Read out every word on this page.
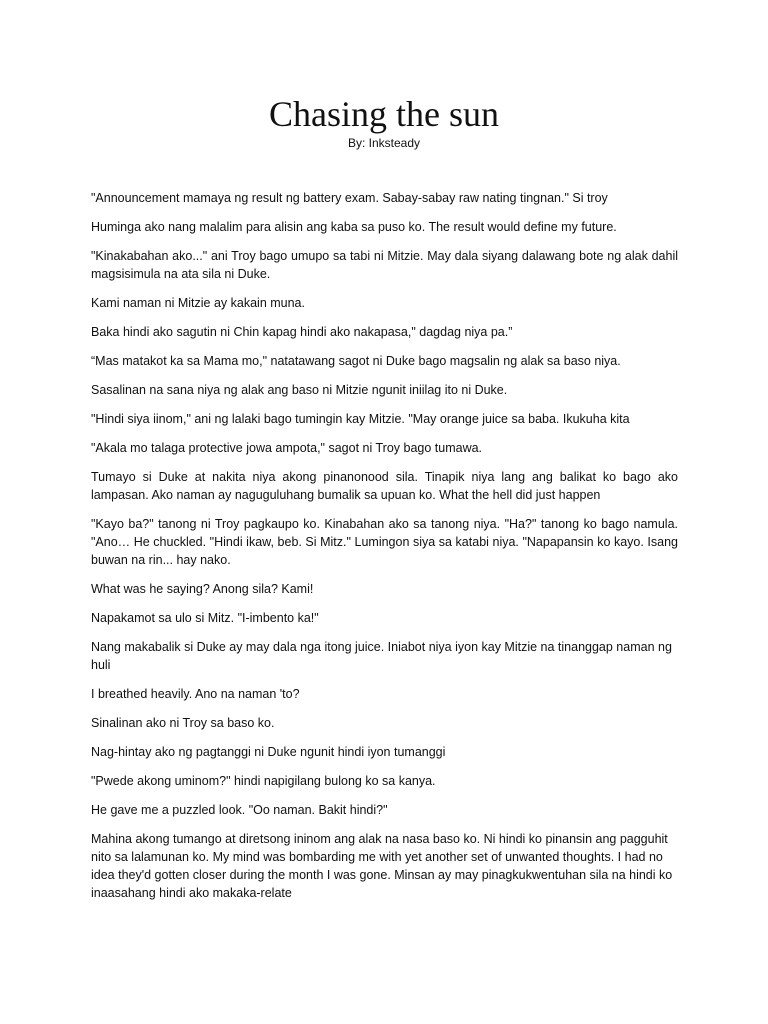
Chasing the sun
By: Inksteady

"Announcement mamaya ng result ng battery exam. Sabay-sabay raw nating tingnan." Si troy

Huminga ako nang malalim para alisin ang kaba sa puso ko. The result would define my future.

"Kinakabahan ako..." ani Troy bago umupo sa tabi ni Mitzie. May dala siyang dalawang bote ng alak dahil magsisimula na ata sila ni Duke.

Kami naman ni Mitzie ay kakain muna.

Baka hindi ako sagutin ni Chin kapag hindi ako nakapasa," dagdag niya pa.”

“Mas matakot ka sa Mama mo," natatawang sagot ni Duke bago magsalin ng alak sa baso niya.

Sasalinan na sana niya ng alak ang baso ni Mitzie ngunit iniilag ito ni Duke.

"Hindi siya iinom," ani ng lalaki bago tumingin kay Mitzie. "May orange juice sa baba. Ikukuha kita

"Akala mo talaga protective jowa ampota," sagot ni Troy bago tumawa.

Tumayo si Duke at nakita niya akong pinanonood sila. Tinapik niya lang ang balikat ko bago ako lampasan. Ako naman ay naguguluhang bumalik sa upuan ko. What the hell did just happen

"Kayo ba?" tanong ni Troy pagkaupo ko. Kinabahan ako sa tanong niya. "Ha?" tanong ko bago namula. "Ano… He chuckled. "Hindi ikaw, beb. Si Mitz." Lumingon siya sa katabi niya. "Napapansin ko kayo. Isang buwan na rin... hay nako.

What was he saying? Anong sila? Kami!

Napakamot sa ulo si Mitz. "I-imbento ka!"

Nang makabalik si Duke ay may dala nga itong juice. Iniabot niya iyon kay Mitzie na tinanggap naman ng huli

I breathed heavily. Ano na naman 'to?

Sinalinan ako ni Troy sa baso ko.

Nag-hintay ako ng pagtanggi ni Duke ngunit hindi iyon tumanggi

"Pwede akong uminom?" hindi napigilang bulong ko sa kanya.

He gave me a puzzled look. "Oo naman. Bakit hindi?"

Mahina akong tumango at diretsong ininom ang alak na nasa baso ko. Ni hindi ko pinansin ang pagguhit nito sa lalamunan ko. My mind was bombarding me with yet another set of unwanted thoughts. I had no idea they'd gotten closer during the month I was gone. Minsan ay may pinagkukwentuhan sila na hindi ko inaasahang hindi ako makaka-relate
